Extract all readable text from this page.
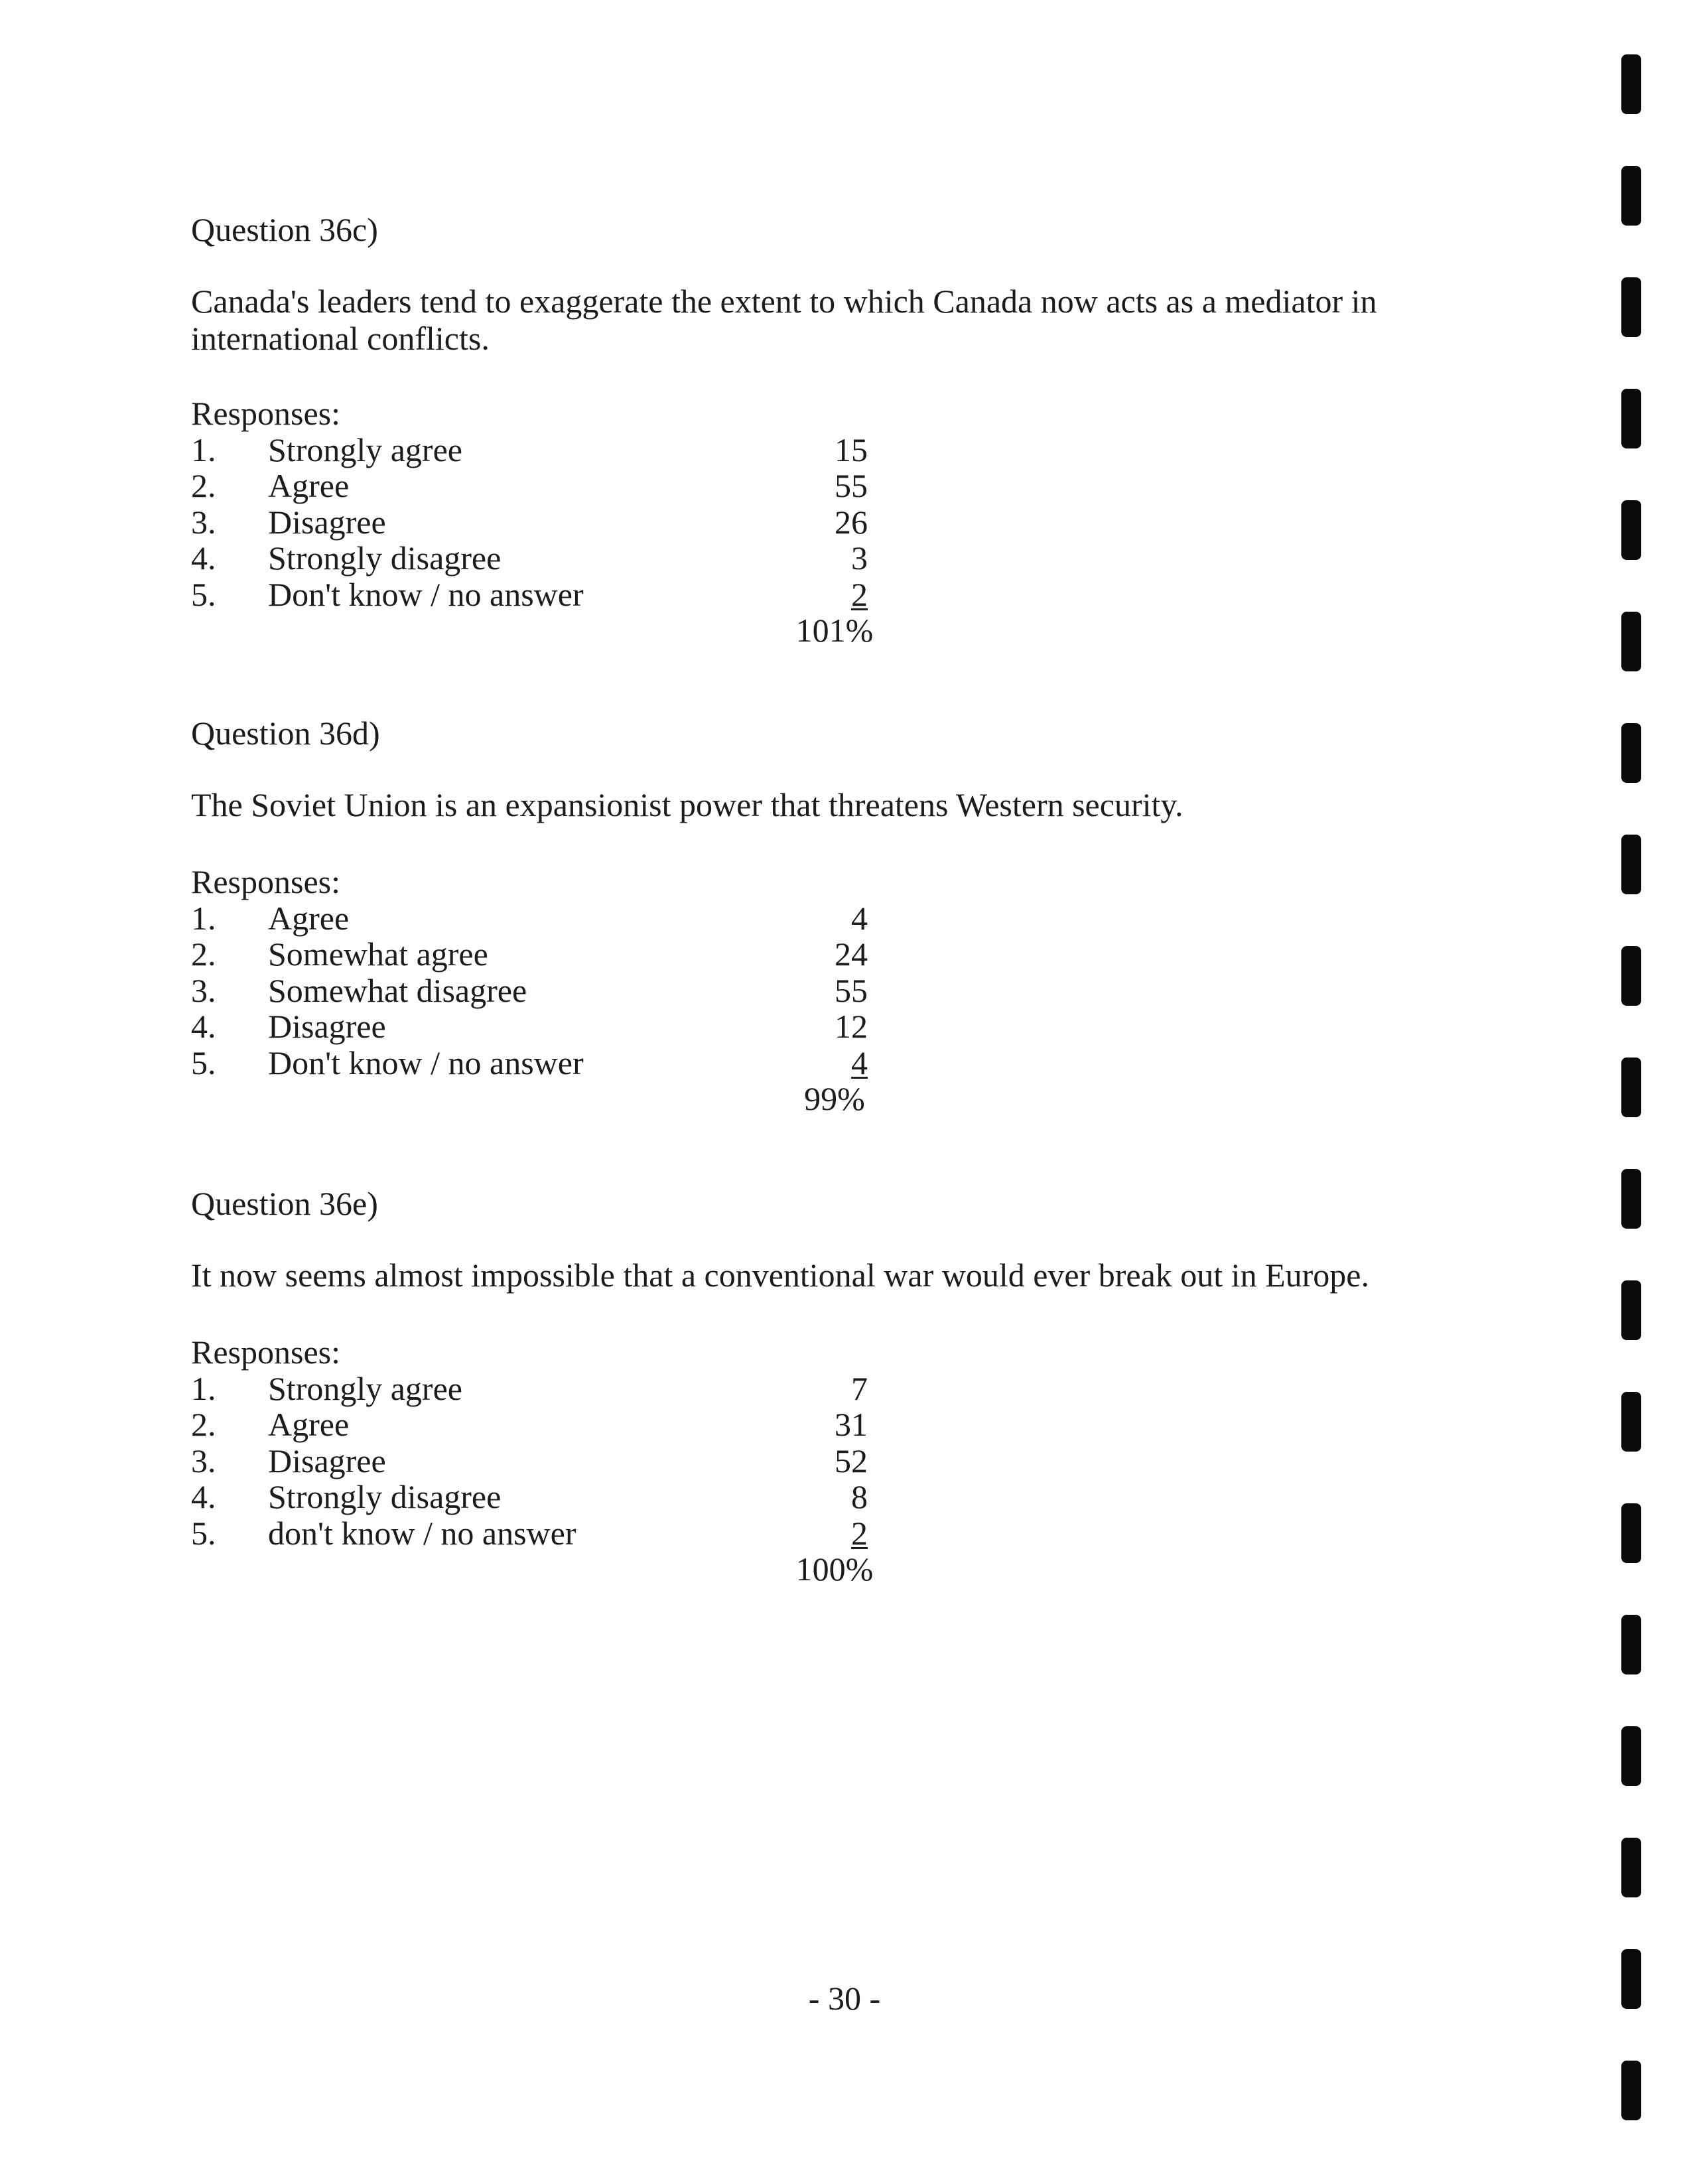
Question 36c)

Canada's leaders tend to exaggerate the extent to which Canada now acts as a mediator in international conflicts.

Responses:
1. Strongly agree	15
2. Agree	55
3. Disagree	26
4. Strongly disagree	3
5. Don't know / no answer	2
101%

Question 36d)

The Soviet Union is an expansionist power that threatens Western security.

Responses:
1. Agree	4
2. Somewhat agree	24
3. Somewhat disagree	55
4. Disagree	12
5. Don't know / no answer	4
99%

Question 36e)

It now seems almost impossible that a conventional war would ever break out in Europe.

Responses:
1. Strongly agree	7
2. Agree	31
3. Disagree	52
4. Strongly disagree	8
5. don't know / no answer	2
100%
- 30 -
